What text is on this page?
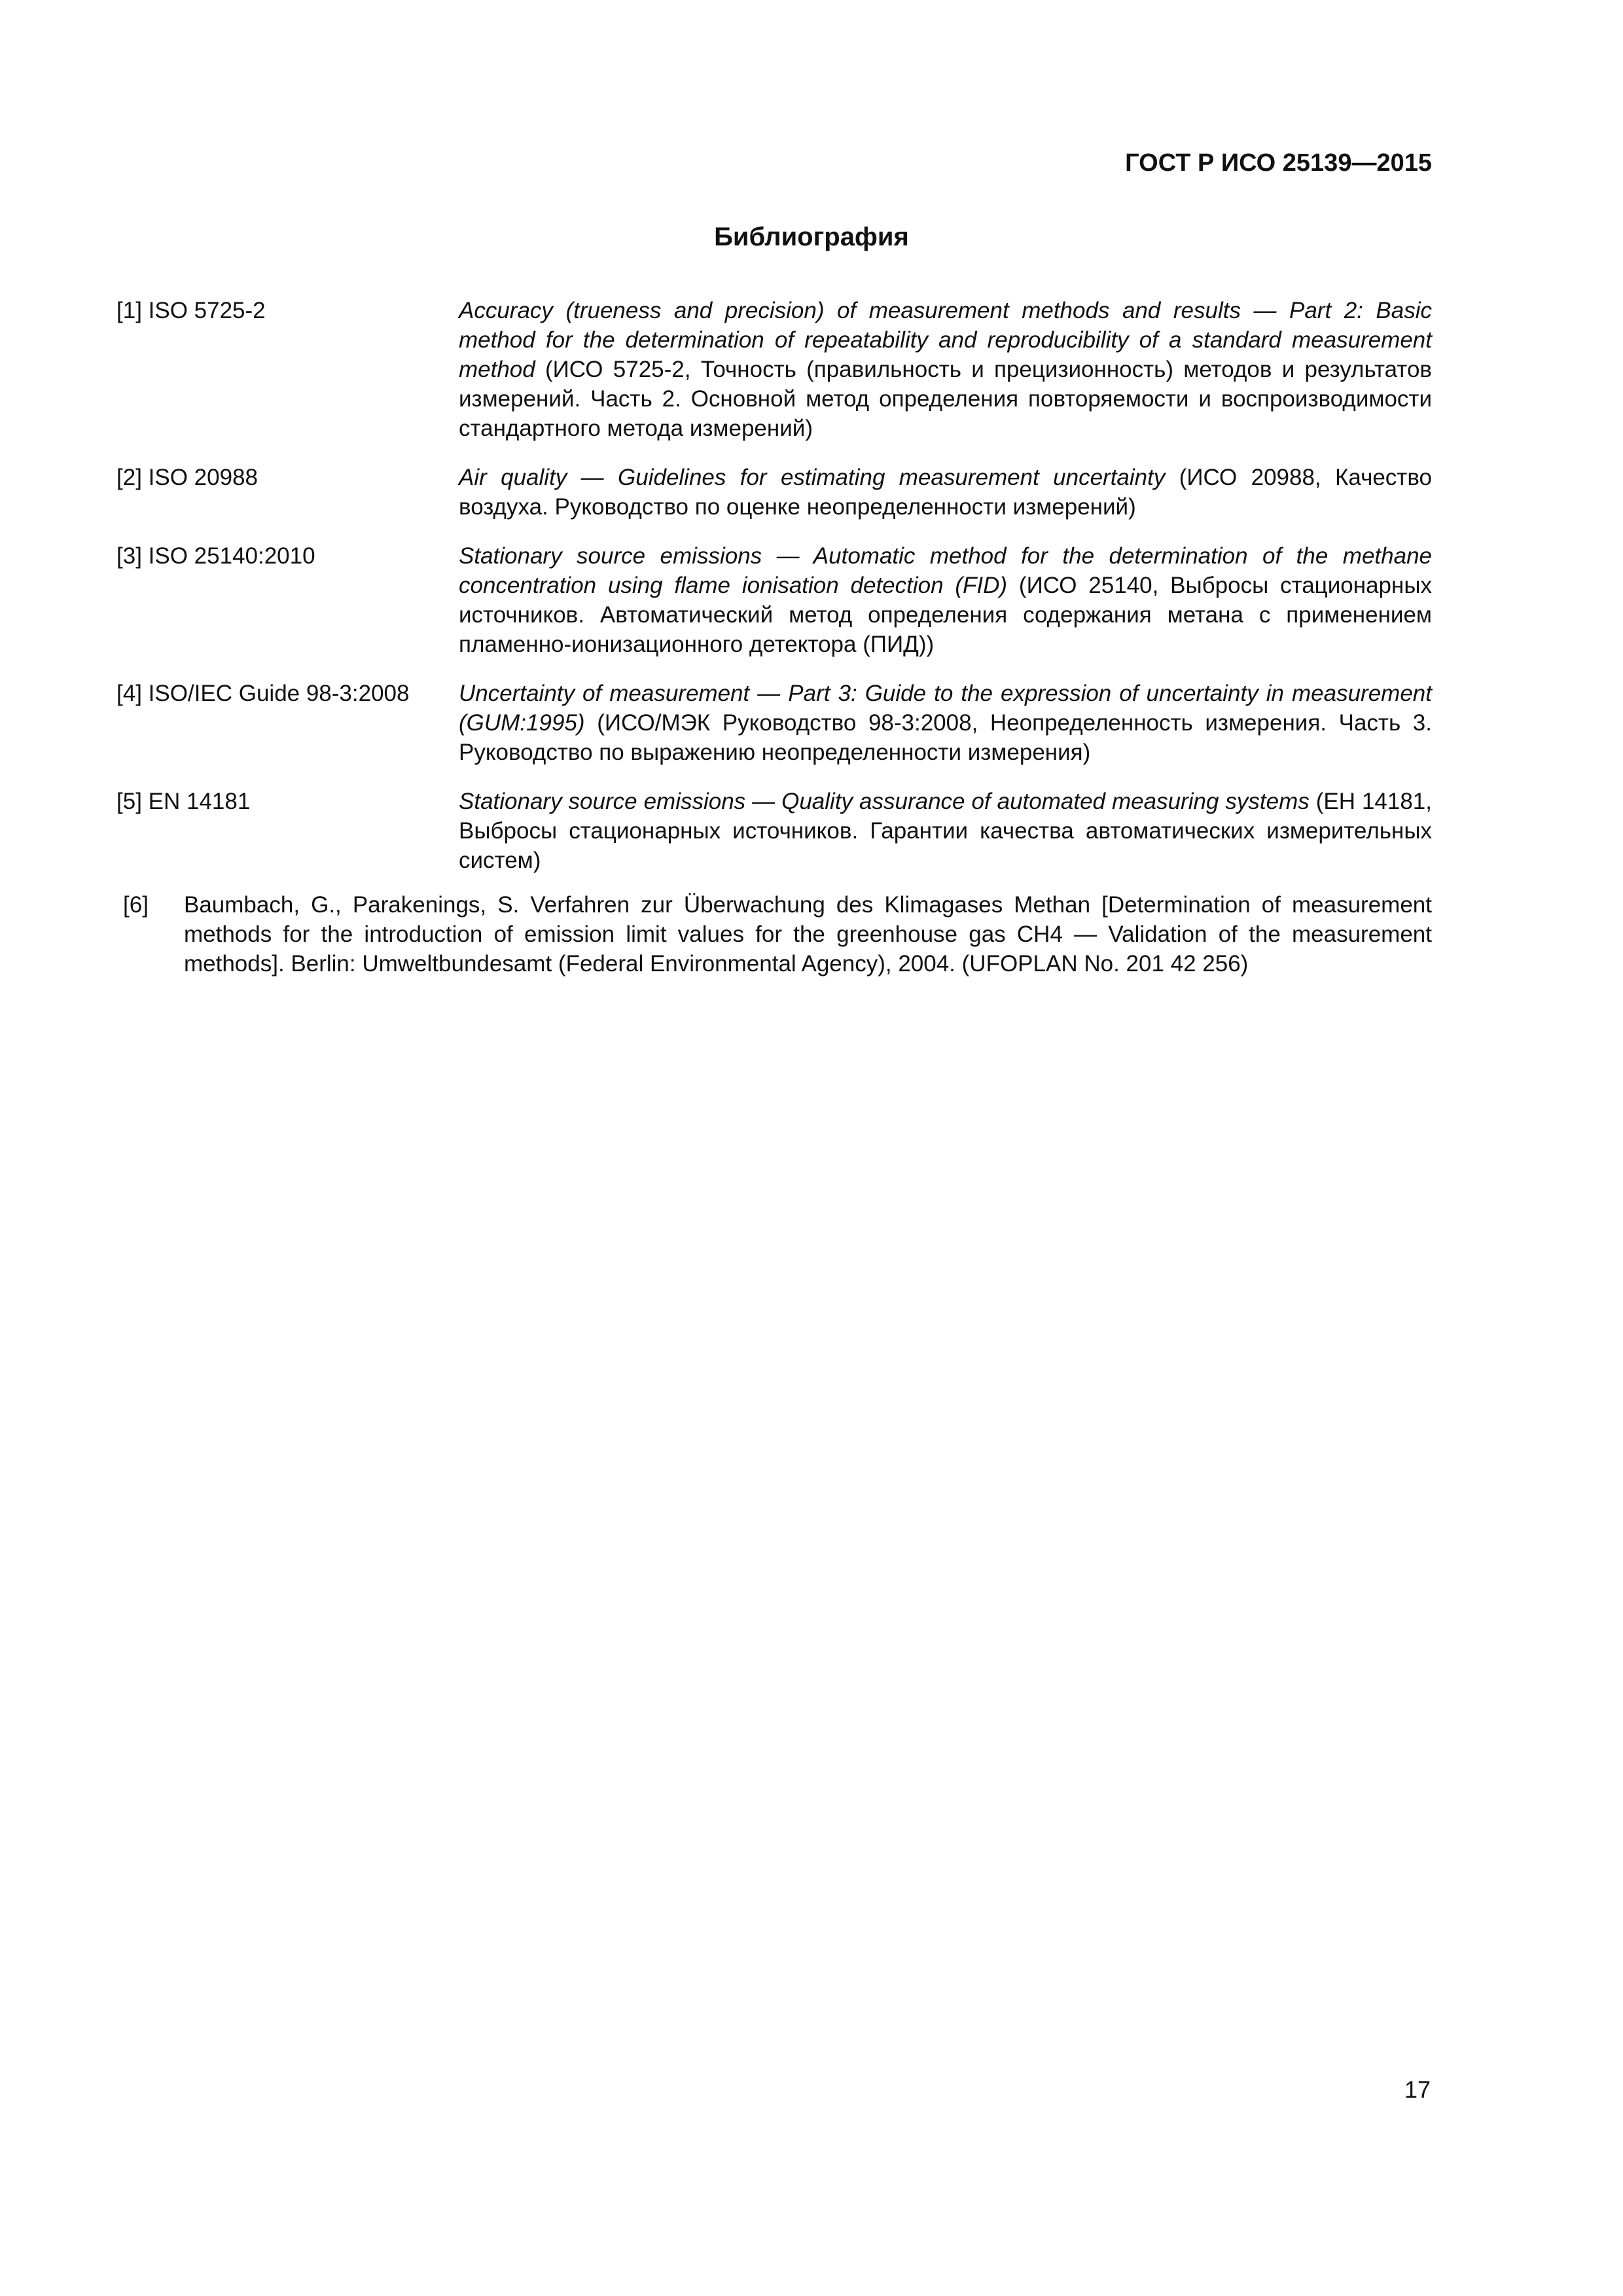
ГОСТ Р ИСО 25139—2015
Библиография
[1] ISO 5725-2	Accuracy (trueness and precision) of measurement methods and results — Part 2: Basic method for the determination of repeatability and reproducibility of a standard measurement method (ИСО 5725-2, Точность (правильность и прецизионность) методов и результатов измерений. Часть 2. Основной метод определения повторяемости и воспроизводимости стандартного метода измерений)
[2] ISO 20988	Air quality — Guidelines for estimating measurement uncertainty (ИСО 20988, Качество воздуха. Руководство по оценке неопределенности измерений)
[3] ISO 25140:2010	Stationary source emissions — Automatic method for the determination of the methane concentration using flame ionisation detection (FID) (ИСО 25140, Выбросы стационарных источников. Автоматический метод определения содержания метана с применением пламенно-ионизационного детектора (ПИД))
[4] ISO/IEC Guide 98-3:2008	Uncertainty of measurement — Part 3: Guide to the expression of uncertainty in measurement (GUM:1995) (ИСО/МЭК Руководство 98-3:2008, Неопределенность измерения. Часть 3. Руководство по выражению неопределенности измерения)
[5] EN 14181	Stationary source emissions — Quality assurance of automated measuring systems (ЕН 14181, Выбросы стационарных источников. Гарантии качества автоматических измерительных систем)
[6]	Baumbach, G., Parakenings, S. Verfahren zur Überwachung des Klimagases Methan [Determination of measurement methods for the introduction of emission limit values for the greenhouse gas CH4 — Validation of the measurement methods]. Berlin: Umweltbundesamt (Federal Environmental Agency), 2004. (UFOPLAN No. 201 42 256)
17
